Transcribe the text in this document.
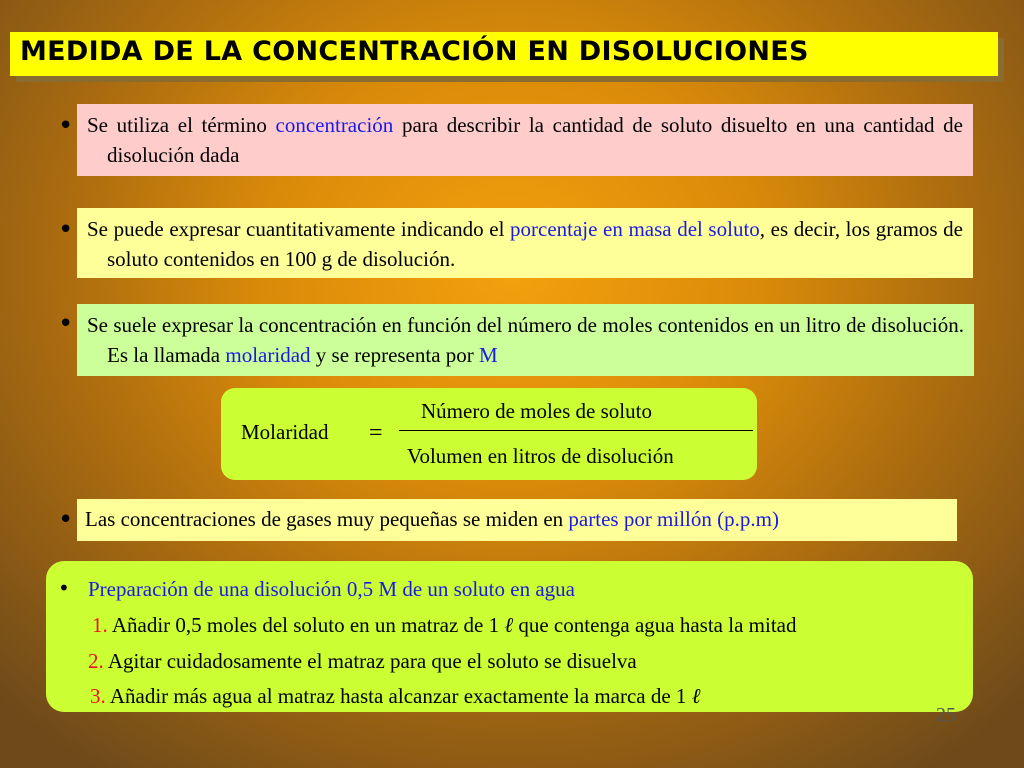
MEDIDA DE LA CONCENTRACIÓN EN DISOLUCIONES
• Se utiliza el término concentración para describir la cantidad de soluto disuelto en una cantidad de disolución dada

• Se puede expresar cuantitativamente indicando el porcentaje en masa del soluto, es decir, los gramos de soluto contenidos en 100 g de disolución.

• Se suele expresar la concentración en función del número de moles contenidos en un litro de disolución. Es la llamada molaridad y se representa por M

Molaridad =
Número de moles de soluto
Volumen en litros de disolución
• Las concentraciones de gases muy pequeñas se miden en partes por millón (p.p.m)
• Preparación de una disolución 0,5 M de un soluto en agua
1. Añadir 0,5 moles del soluto en un matraz de 1 ℓ que contenga agua hasta la mitad
2. Agitar cuidadosamente el matraz para que el soluto se disuelva
3. Añadir más agua al matraz hasta alcanzar exactamente la marca de 1 ℓ
25
